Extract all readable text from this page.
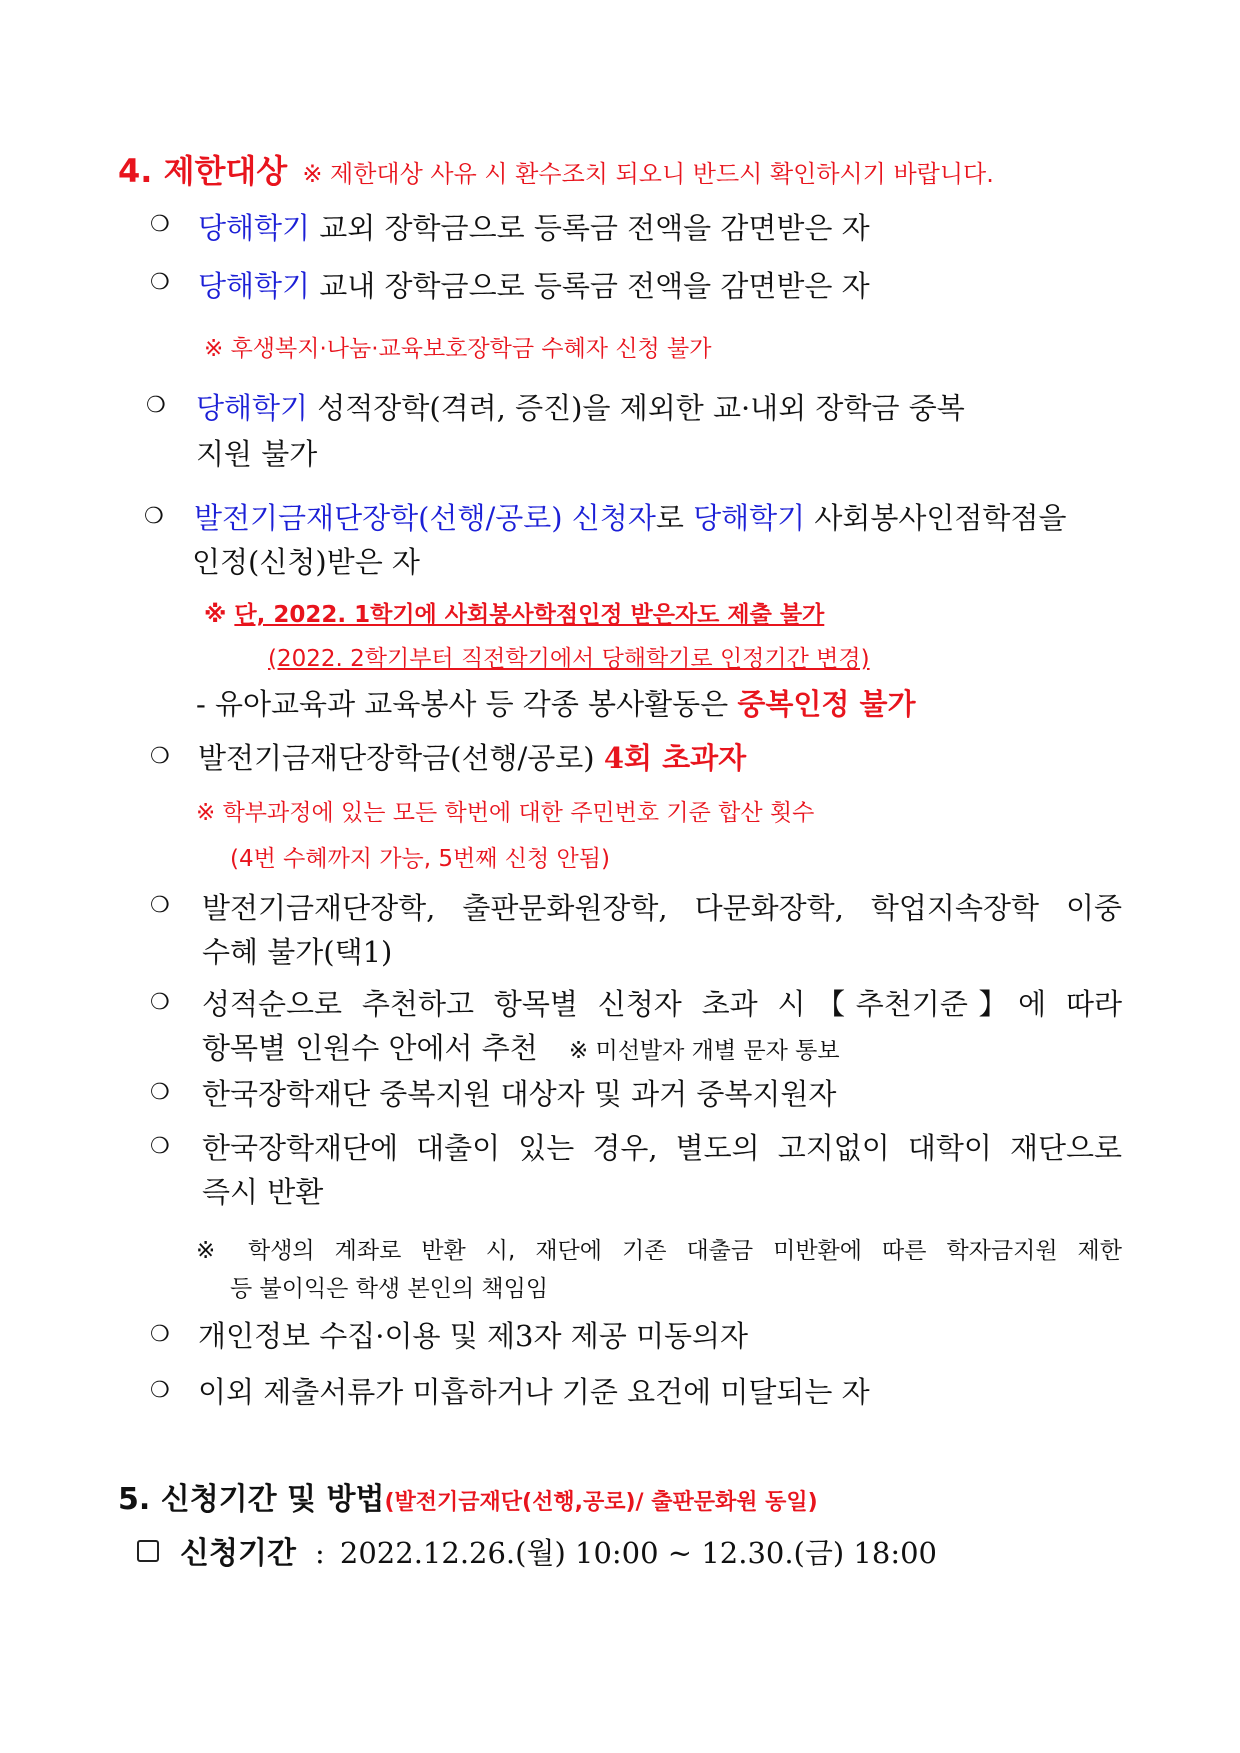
4. 제한대상 ※ 제한대상 사유 시 환수조치 되오니 반드시 확인하시기 바랍니다.
❍ 당해학기 교외 장학금으로 등록금 전액을 감면받은 자
❍ 당해학기 교내 장학금으로 등록금 전액을 감면받은 자
※ 후생복지·나눔·교육보호장학금 수혜자 신청 불가
❍ 당해학기 성적장학(격려, 증진)을 제외한 교·내외 장학금 중복
지원 불가
❍ 발전기금재단장학(선행/공로) 신청자로 당해학기 사회봉사인점학점을
인정(신청)받은 자
※ 단, 2022. 1학기에 사회봉사학점인정 받은자도 제출 불가
(2022. 2학기부터 직전학기에서 당해학기로 인정기간 변경)
- 유아교육과 교육봉사 등 각종 봉사활동은 중복인정 불가
❍ 발전기금재단장학금(선행/공로) 4회 초과자
※ 학부과정에 있는 모든 학번에 대한 주민번호 기준 합산 횟수
(4번 수혜까지 가능, 5번째 신청 안됨)
❍ 발전기금재단장학, 출판문화원장학, 다문화장학, 학업지속장학 이중
수혜 불가(택1)
❍ 성적순으로 추천하고 항목별 신청자 초과 시【추천기준】에 따라
항목별 인원수 안에서 추천 ※ 미선발자 개별 문자 통보
❍ 한국장학재단 중복지원 대상자 및 과거 중복지원자
❍ 한국장학재단에 대출이 있는 경우, 별도의 고지없이 대학이 재단으로
즉시 반환
※ 학생의 계좌로 반환 시, 재단에 기존 대출금 미반환에 따른 학자금지원 제한
등 불이익은 학생 본인의 책임임
❍ 개인정보 수집·이용 및 제3자 제공 미동의자
❍ 이외 제출서류가 미흡하거나 기준 요건에 미달되는 자
5. 신청기간 및 방법(발전기금재단(선행,공로)/ 출판문화원 동일)
신청기간 : 2022.12.26.(월) 10:00 ~ 12.30.(금) 18:00
